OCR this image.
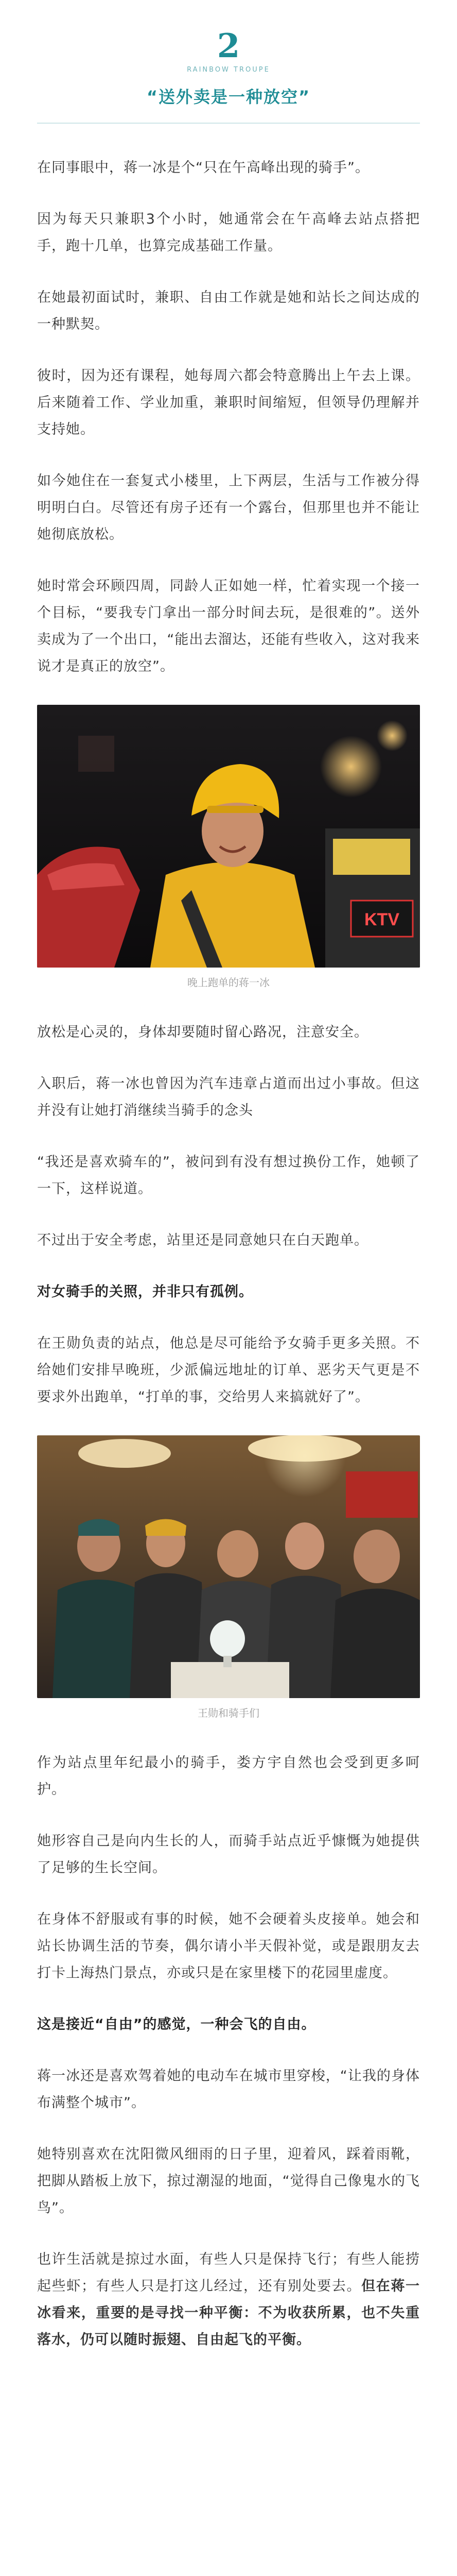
2
RAINBOW TROUPE
“送外卖是一种放空”

在同事眼中，蒋一冰是个“只在午高峰出现的骑手”。

因为每天只兼职3个小时，她通常会在午高峰去站点搭把手，跑十几单，也算完成基础工作量。

在她最初面试时，兼职、自由工作就是她和站长之间达成的一种默契。

彼时，因为还有课程，她每周六都会特意腾出上午去上课。后来随着工作、学业加重，兼职时间缩短，但领导仍理解并支持她。

如今她住在一套复式小楼里，上下两层，生活与工作被分得明明白白。尽管还有房子还有一个露台，但那里也并不能让她彻底放松。

她时常会环顾四周，同龄人正如她一样，忙着实现一个接一个目标，“要我专门拿出一部分时间去玩，是很难的”。送外卖成为了一个出口，“能出去溜达，还能有些收入，这对我来说才是真正的放空”。

KTV
晚上跑单的蒋一冰

放松是心灵的，身体却要随时留心路况，注意安全。

入职后，蒋一冰也曾因为汽车违章占道而出过小事故。但这并没有让她打消继续当骑手的念头

“我还是喜欢骑车的”，被问到有没有想过换份工作，她顿了一下，这样说道。

不过出于安全考虑，站里还是同意她只在白天跑单。

对女骑手的关照，并非只有孤例。

在王勋负责的站点，他总是尽可能给予女骑手更多关照。不给她们安排早晚班，少派偏远地址的订单、恶劣天气更是不要求外出跑单，“打单的事，交给男人来搞就好了”。

王勋和骑手们

作为站点里年纪最小的骑手，娄方宇自然也会受到更多呵护。

她形容自己是向内生长的人，而骑手站点近乎慷慨为她提供了足够的生长空间。

在身体不舒服或有事的时候，她不会硬着头皮接单。她会和站长协调生活的节奏，偶尔请小半天假补觉，或是跟朋友去打卡上海热门景点，亦或只是在家里楼下的花园里虚度。

这是接近“自由”的感觉，一种会飞的自由。

蒋一冰还是喜欢驾着她的电动车在城市里穿梭，“让我的身体布满整个城市”。

她特别喜欢在沈阳微风细雨的日子里，迎着风，踩着雨靴，把脚从踏板上放下，掠过潮湿的地面，“觉得自己像鬼水的飞鸟”。

也许生活就是掠过水面，有些人只是保持飞行；有些人能捞起些虾；有些人只是打这儿经过，还有别处要去。但在蒋一冰看来，重要的是寻找一种平衡：不为收获所累，也不失重落水，仍可以随时振翅、自由起飞的平衡。
